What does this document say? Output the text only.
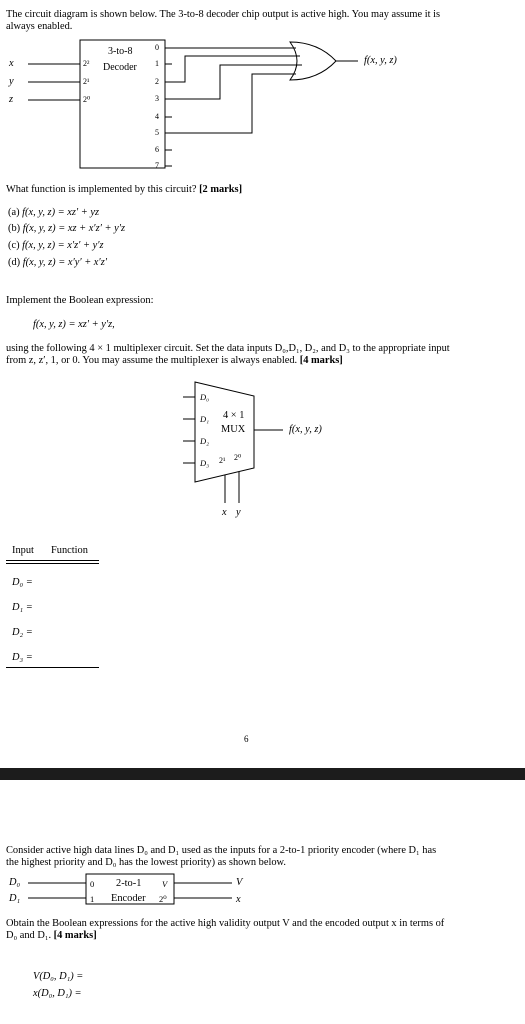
The circuit diagram is shown below. The 3-to-8 decoder chip output is active high. You may assume it is
always enabled.
3-to-8
Decoder
x
y
z
2²
2¹
2⁰
0
1
2
3
4
5
6
7
f(x, y, z)
What function is implemented by this circuit? [2 marks]
(a) f(x, y, z) = xz′ + yz
(b) f(x, y, z) = xz + x′z′ + y′z
(c) f(x, y, z) = x′z′ + y′z
(d) f(x, y, z) = x′y′ + x′z′
Implement the Boolean expression:
f(x, y, z) = xz′ + y′z,
using the following 4 × 1 multiplexer circuit. Set the data inputs D₀,D₁, D₂, and D₃ to the appropriate input
from z, z′, 1, or 0. You may assume the multiplexer is always enabled. [4 marks]
D₀
D₁
D₂
D₃
4 × 1
MUX
2¹ 2⁰
x y
f(x, y, z)
Input Function
D₀ =
D₁ =
D₂ =
D₃ =
6
Consider active high data lines D₀ and D₁ used as the inputs for a 2-to-1 priority encoder (where D₁ has
the highest priority and D₀ has the lowest priority) as shown below.
D₀
D₁
0
1
2-to-1
Encoder
V
2⁰
V
x
Obtain the Boolean expressions for the active high validity output V and the encoded output x in terms of
D₀ and D₁. [4 marks]
V(D₀, D₁) =
x(D₀, D₁) =
